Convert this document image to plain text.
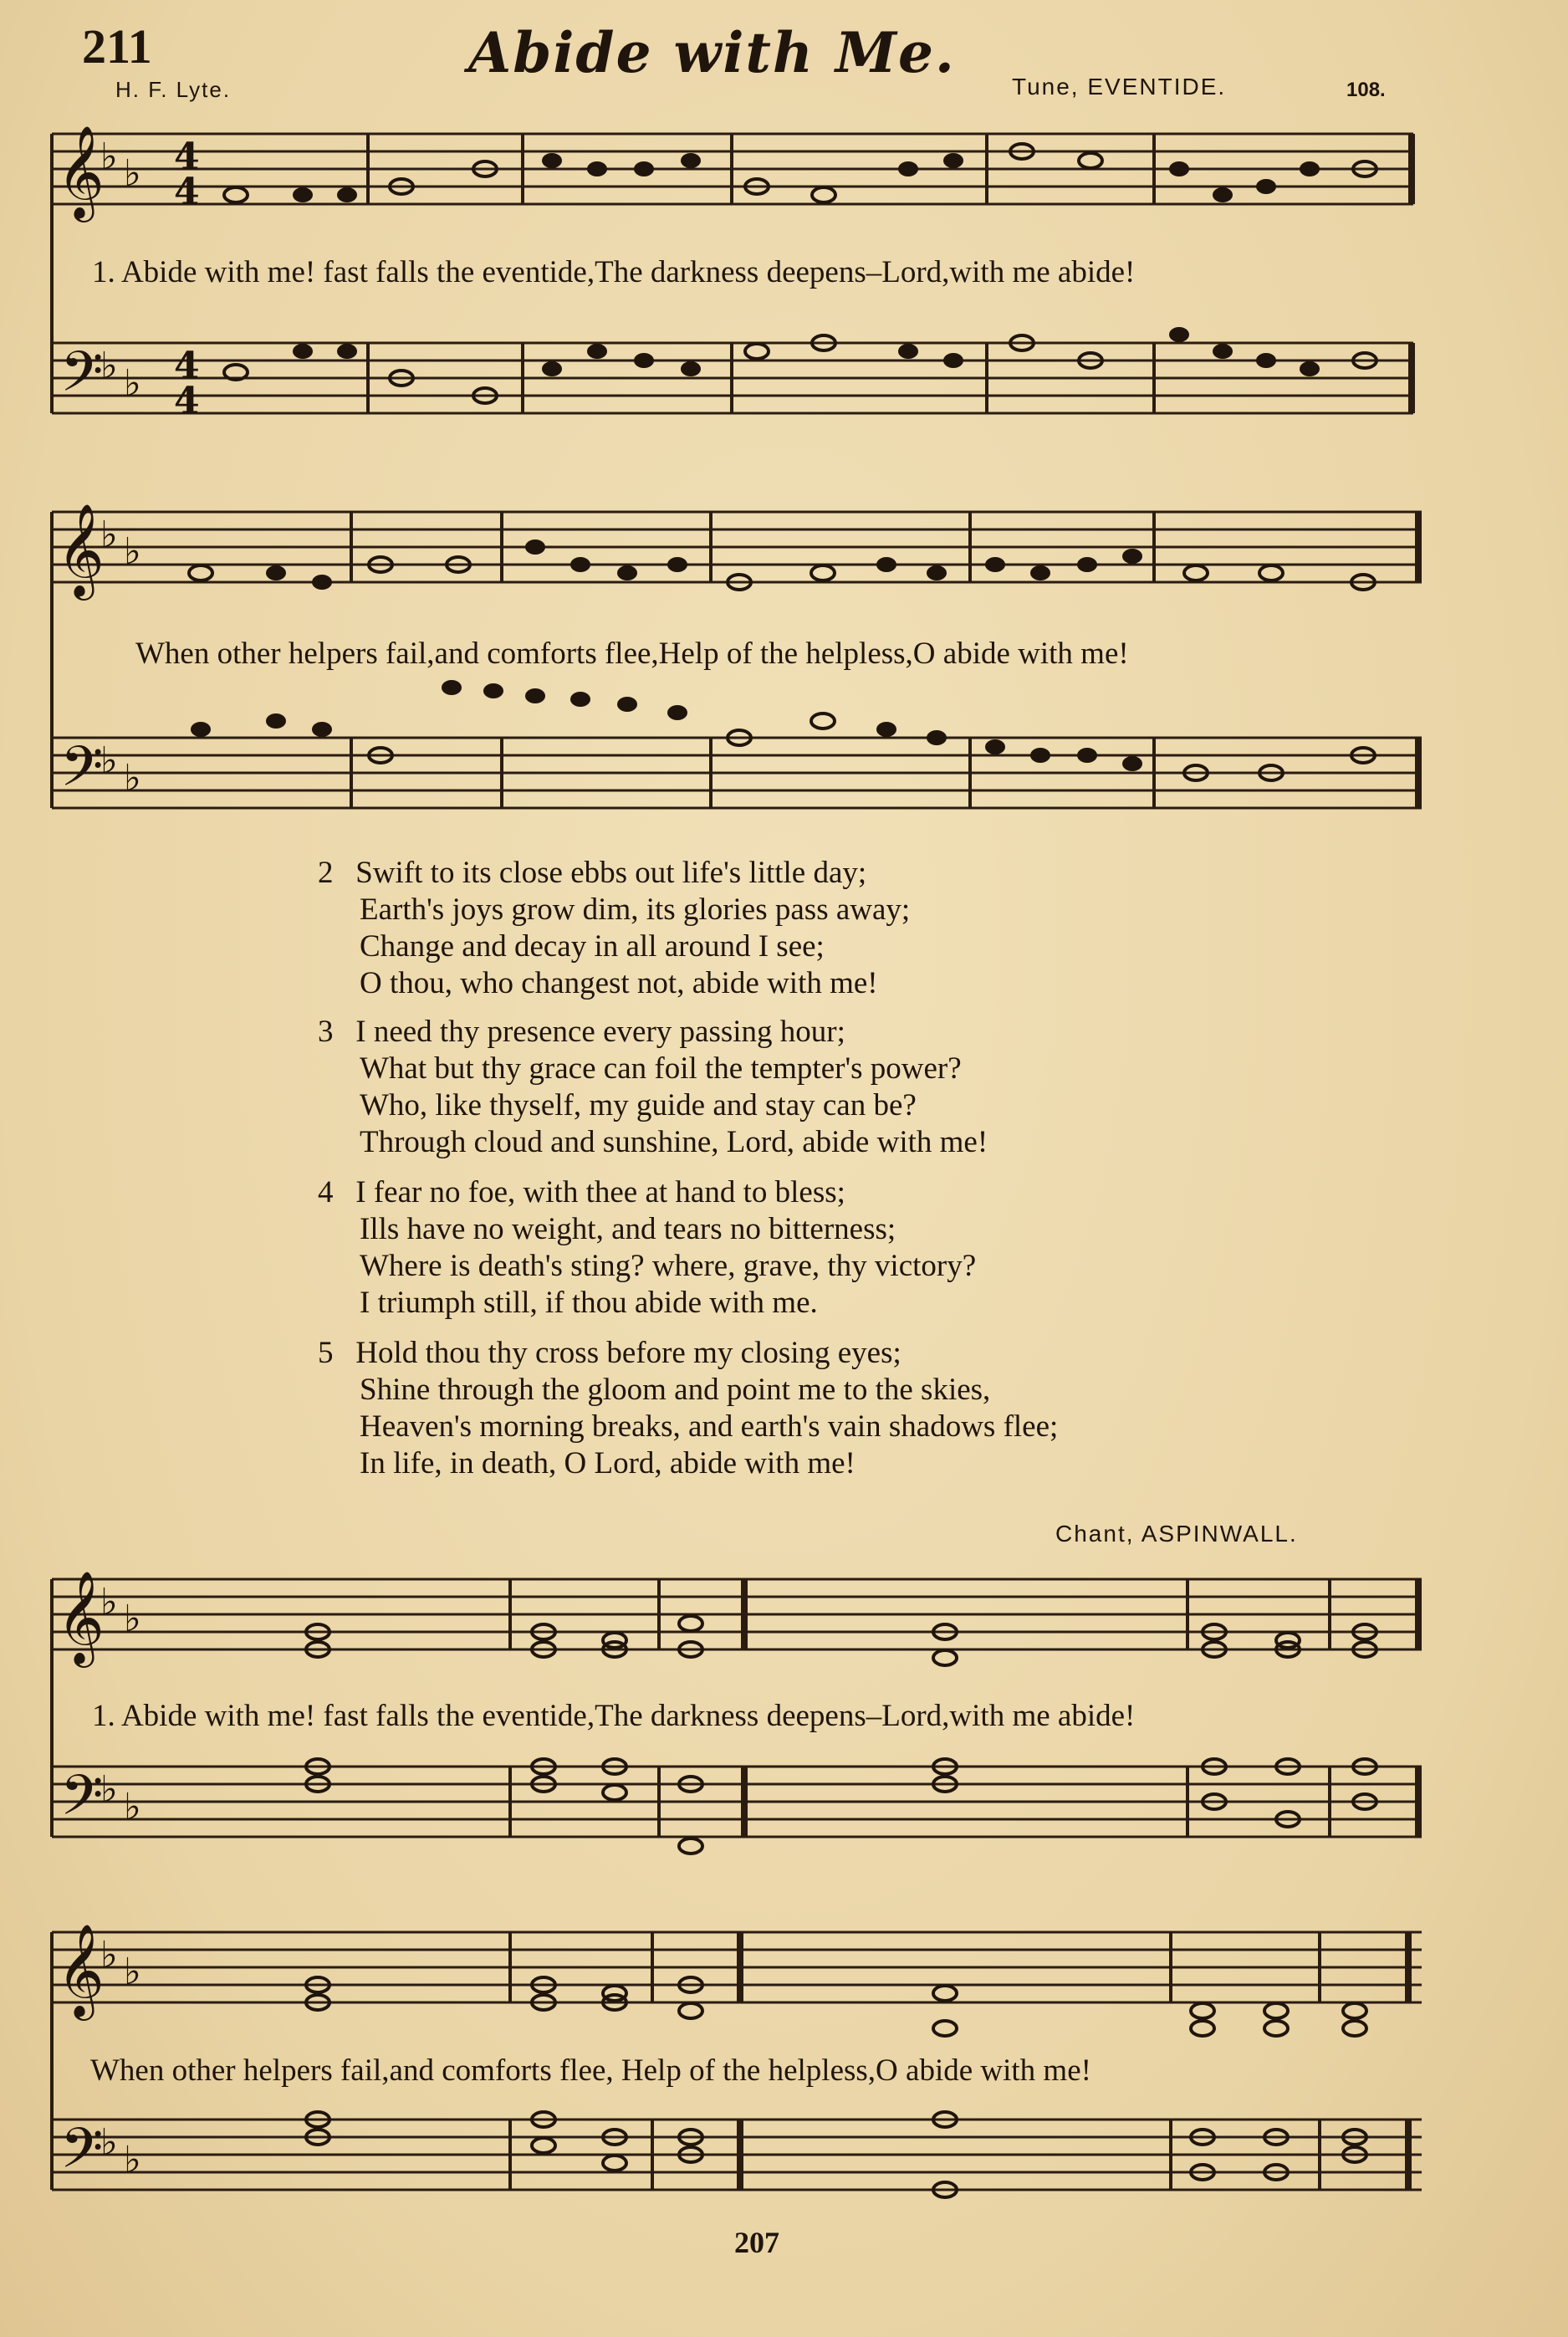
211	Abide with Me.
H. F. Lyte.	Tune, EVENTIDE.	108.
𝄞
𝄢
♭ ♭
♭ ♭
4
4
4
4
1. Abide with me! fast falls the eventide,The darkness deepens–Lord,with me abide!
𝄞
𝄢
♭ ♭
♭ ♭
When other helpers fail,and comforts flee,Help of the helpless,O abide with me!
2 Swift to its close ebbs out life's little day;
Earth's joys grow dim, its glories pass away;
Change and decay in all around I see;
O thou, who changest not, abide with me!
3 I need thy presence every passing hour;
What but thy grace can foil the tempter's power?
Who, like thyself, my guide and stay can be?
Through cloud and sunshine, Lord, abide with me!
4 I fear no foe, with thee at hand to bless;
Ills have no weight, and tears no bitterness;
Where is death's sting? where, grave, thy victory?
I triumph still, if thou abide with me.
5 Hold thou thy cross before my closing eyes;
Shine through the gloom and point me to the skies,
Heaven's morning breaks, and earth's vain shadows flee;
In life, in death, O Lord, abide with me!
Chant, ASPINWALL.
𝄞
𝄢
♭ ♭
♭ ♭
1. Abide with me! fast falls the eventide,The darkness deepens–Lord,with me abide!
𝄞
𝄢
♭ ♭
♭ ♭
When other helpers fail,and comforts flee, Help of the helpless,O abide with me!
207
